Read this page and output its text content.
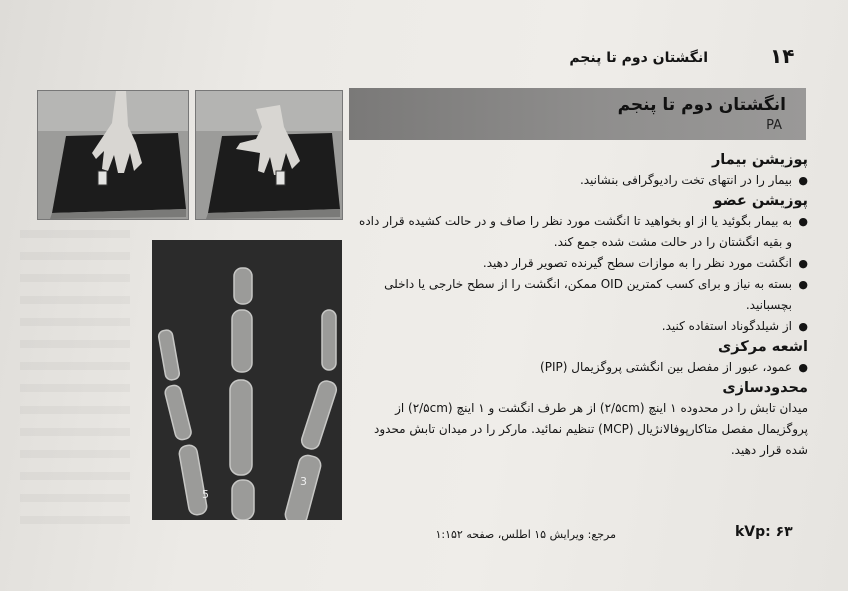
۱۴
انگشتان دوم تا پنجم
5
3
انگشتان دوم تا پنجم
PA

پوزیشن بیمار

● بیمار را در انتهای تخت رادیوگرافی بنشانید.

پوزیشن عضو

● به بیمار بگوئید یا از او بخواهید تا انگشت مورد نظر را صاف و در حالت کشیده قرار داده و بقیه انگشتان را در حالت مشت شده جمع کند.
● انگشت مورد نظر را به موازات سطح گیرنده تصویر قرار دهید.
● بسته به نیاز و برای کسب کمترین OID ممکن، انگشت را از سطح خارجی یا داخلی بچسبانید.
● از شیلدگوناد استفاده کنید.

اشعه مرکزی

● عمود، عبور از مفصل بین انگشتی پروگزیمال (PIP)

محدودسازی

میدان تابش را در محدوده ۱ اینچ (۲/۵cm) از هر طرف انگشت و ۱ اینچ (۲/۵cm) از پروگزیمال مفصل متاکارپوفالانژیال (MCP) تنظیم نمائید. مارکر را در میدان تابش محدود شده قرار دهید.

مرجع: ویرایش ۱۵ اطلس، صفحه ۱:۱۵۲	kVp: ۶۳
